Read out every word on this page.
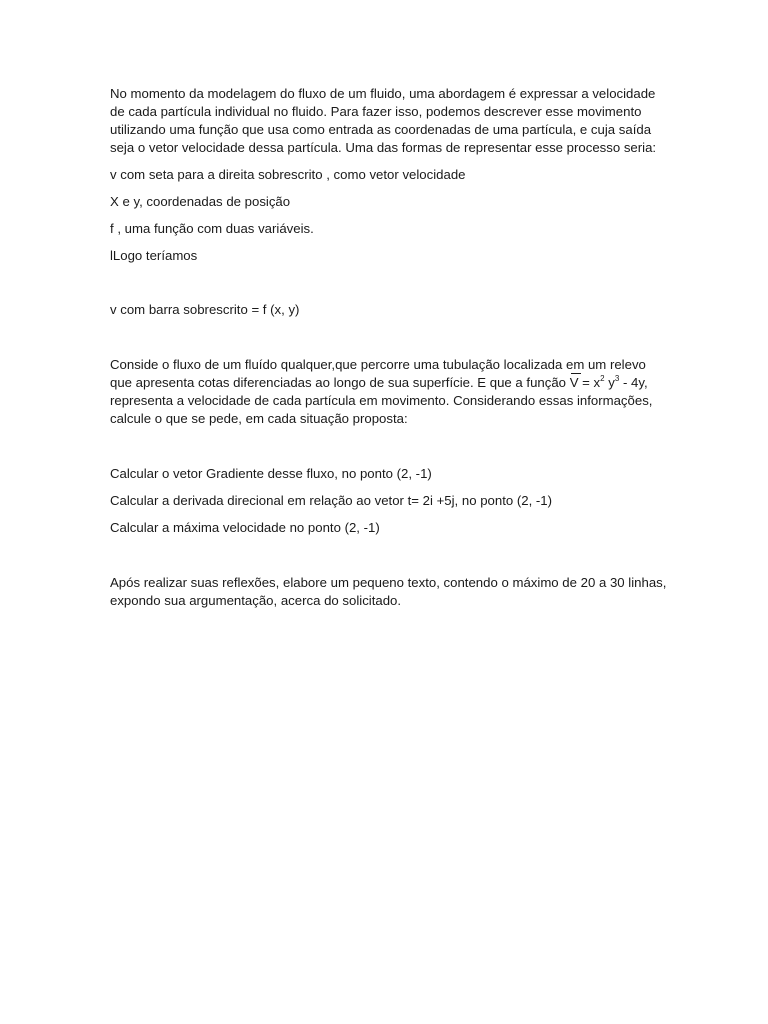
No momento da modelagem do fluxo de um fluido, uma abordagem é expressar a velocidade de cada partícula individual no fluido. Para fazer isso, podemos descrever esse movimento utilizando uma função que usa como entrada as coordenadas de uma partícula, e cuja saída seja o vetor velocidade dessa partícula. Uma das formas de representar esse processo seria:

v com seta para a direita sobrescrito , como vetor velocidade

X e y, coordenadas de posição

f , uma função com duas variáveis.

lLogo teríamos

v com barra sobrescrito = f (x, y)

Conside o fluxo de um fluído qualquer,que percorre uma tubulação localizada em um relevo que apresenta cotas diferenciadas ao longo de sua superfície. E que a função $V = x^2$ $y^3 - 4y$, representa a velocidade de cada partícula em movimento. Considerando essas informações, calcule o que se pede, em cada situação proposta:

Calcular o vetor Gradiente desse fluxo, no ponto (2, -1)

Calcular a derivada direcional em relação ao vetor t= 2i +5j, no ponto (2, -1)

Calcular a máxima velocidade no ponto (2, -1)

Após realizar suas reflexões, elabore um pequeno texto, contendo o máximo de 20 a 30 linhas, expondo sua argumentação, acerca do solicitado.
